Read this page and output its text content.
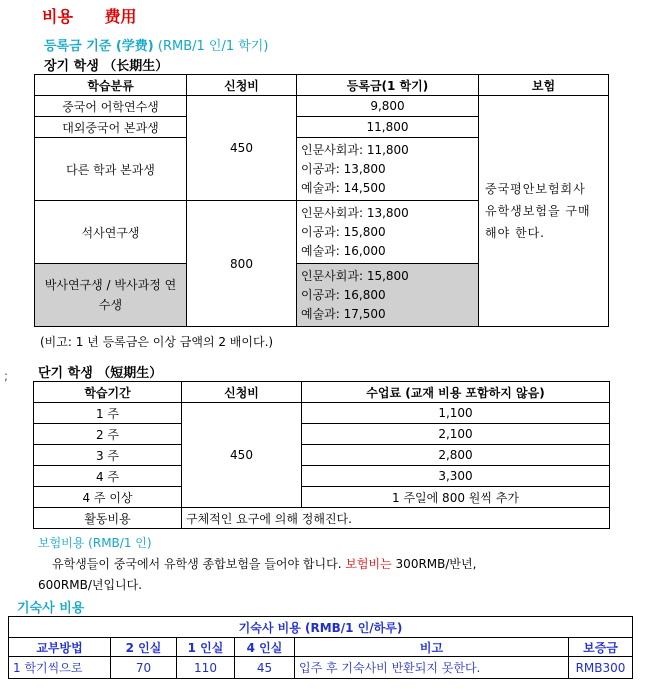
비용 费用
등록금 기준 (学费) (RMB/1 인/1 학기)
장기 학생 （长期生）
학습분류	신청비	등록금(1 학기)	보험
중국어 어학연수생	450	9,800	중국평안보험회사 유학생보험을 구매해야 한다.
대외중국어 본과생		11,800	
다른 학과 본과생		인문사회과: 11,800
이공과: 13,800
예술과: 14,500	

석사연구생	800	인문사회과: 13,800
이공과: 15,800
예술과: 16,000	

박사연구생 / 박사과정 연수생		인문사회과: 15,800
이공과: 16,800
예술과: 17,500	
(비고: 1 년 등록금은 이상 금액의 2 배이다.)
; 단기 학생 （短期生）
학습기간	신청비	수업료 (교재 비용 포함하지 않음)
1 주	450	1,100
2 주		2,100
3 주		2,800
4 주		3,300
4 주 이상		1 주일에 800 원씩 추가
활동비용	구체적인 요구에 의해 정해진다.	
보험비용 (RMB/1 인)
유학생들이 중국에서 유학생 종합보험을 들어야 합니다. 보험비는 300RMB/반년,
600RMB/년입니다.
기숙사 비용
기숙사 비용 (RMB/1 인/하루)					
교부방법	2 인실	1 인실	4 인실	비고	보증금
1 학기씩으로	70	110	45	입주 후 기숙사비 반환되지 못한다.	RMB300
